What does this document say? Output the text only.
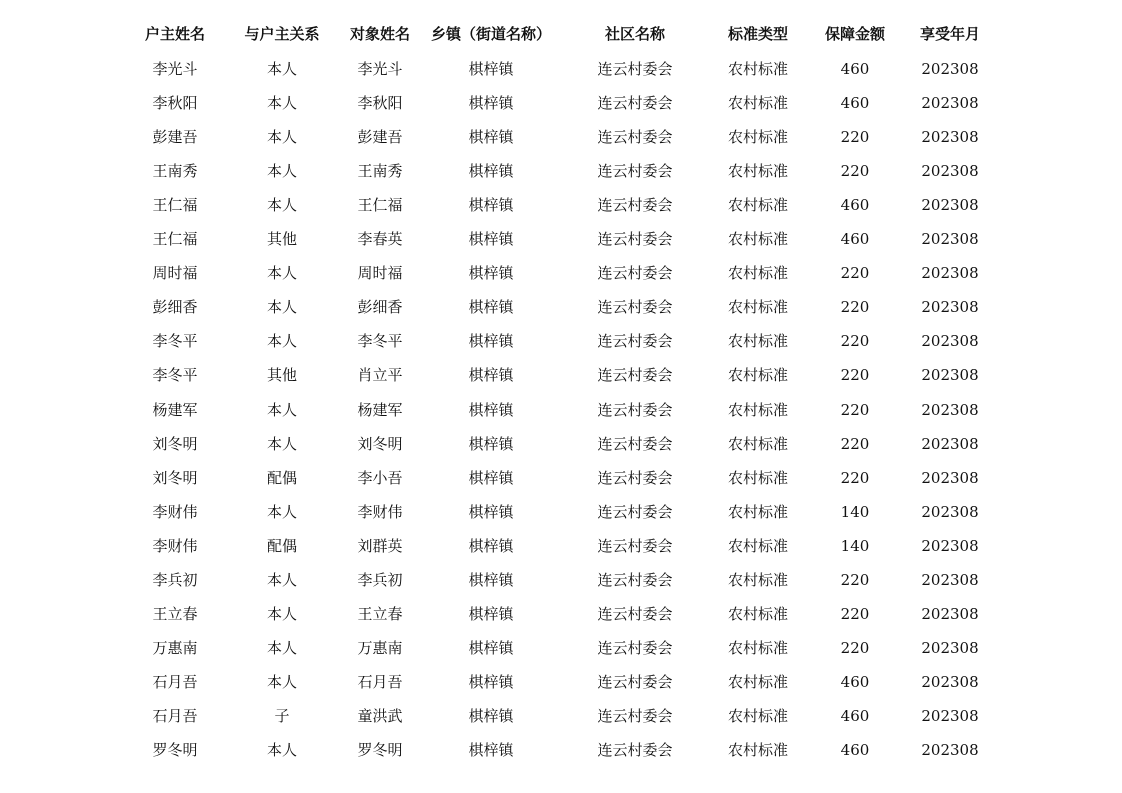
户主姓名	与户主关系	对象姓名	乡镇（街道名称）	社区名称	标准类型	保障金额	享受年月
李光斗	本人	李光斗	棋梓镇	连云村委会	农村标准	460	202308
李秋阳	本人	李秋阳	棋梓镇	连云村委会	农村标准	460	202308
彭建吾	本人	彭建吾	棋梓镇	连云村委会	农村标准	220	202308
王南秀	本人	王南秀	棋梓镇	连云村委会	农村标准	220	202308
王仁福	本人	王仁福	棋梓镇	连云村委会	农村标准	460	202308
王仁福	其他	李春英	棋梓镇	连云村委会	农村标准	460	202308
周时福	本人	周时福	棋梓镇	连云村委会	农村标准	220	202308
彭细香	本人	彭细香	棋梓镇	连云村委会	农村标准	220	202308
李冬平	本人	李冬平	棋梓镇	连云村委会	农村标准	220	202308
李冬平	其他	肖立平	棋梓镇	连云村委会	农村标准	220	202308
杨建军	本人	杨建军	棋梓镇	连云村委会	农村标准	220	202308
刘冬明	本人	刘冬明	棋梓镇	连云村委会	农村标准	220	202308
刘冬明	配偶	李小吾	棋梓镇	连云村委会	农村标准	220	202308
李财伟	本人	李财伟	棋梓镇	连云村委会	农村标准	140	202308
李财伟	配偶	刘群英	棋梓镇	连云村委会	农村标准	140	202308
李兵初	本人	李兵初	棋梓镇	连云村委会	农村标准	220	202308
王立春	本人	王立春	棋梓镇	连云村委会	农村标准	220	202308
万惠南	本人	万惠南	棋梓镇	连云村委会	农村标准	220	202308
石月吾	本人	石月吾	棋梓镇	连云村委会	农村标准	460	202308
石月吾	子	童洪武	棋梓镇	连云村委会	农村标准	460	202308
罗冬明	本人	罗冬明	棋梓镇	连云村委会	农村标准	460	202308
